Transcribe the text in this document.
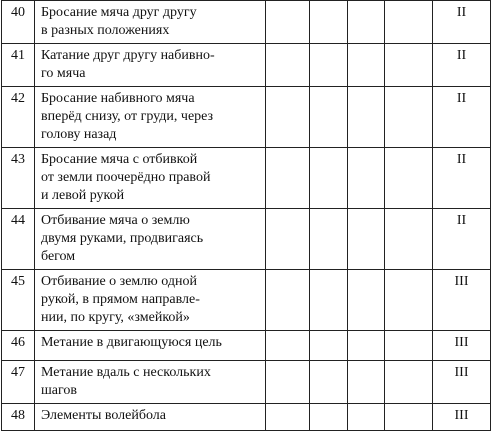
40	Бросание мяча друг другу
в разных положениях					II
41	Катание друг другу набивно-
го мяча					II
42	Бросание набивного мяча
вперёд снизу, от груди, через
голову назад					II
43	Бросание мяча с отбивкой
от земли поочерёдно правой
и левой рукой					II
44	Отбивание мяча о землю
двумя руками, продвигаясь
бегом					II
45	Отбивание о землю одной
рукой, в прямом направле-
нии, по кругу, «змейкой»					III
46	Метание в двигающуюся цель					III
47	Метание вдаль с нескольких
шагов					III
48	Элементы волейбола					III
